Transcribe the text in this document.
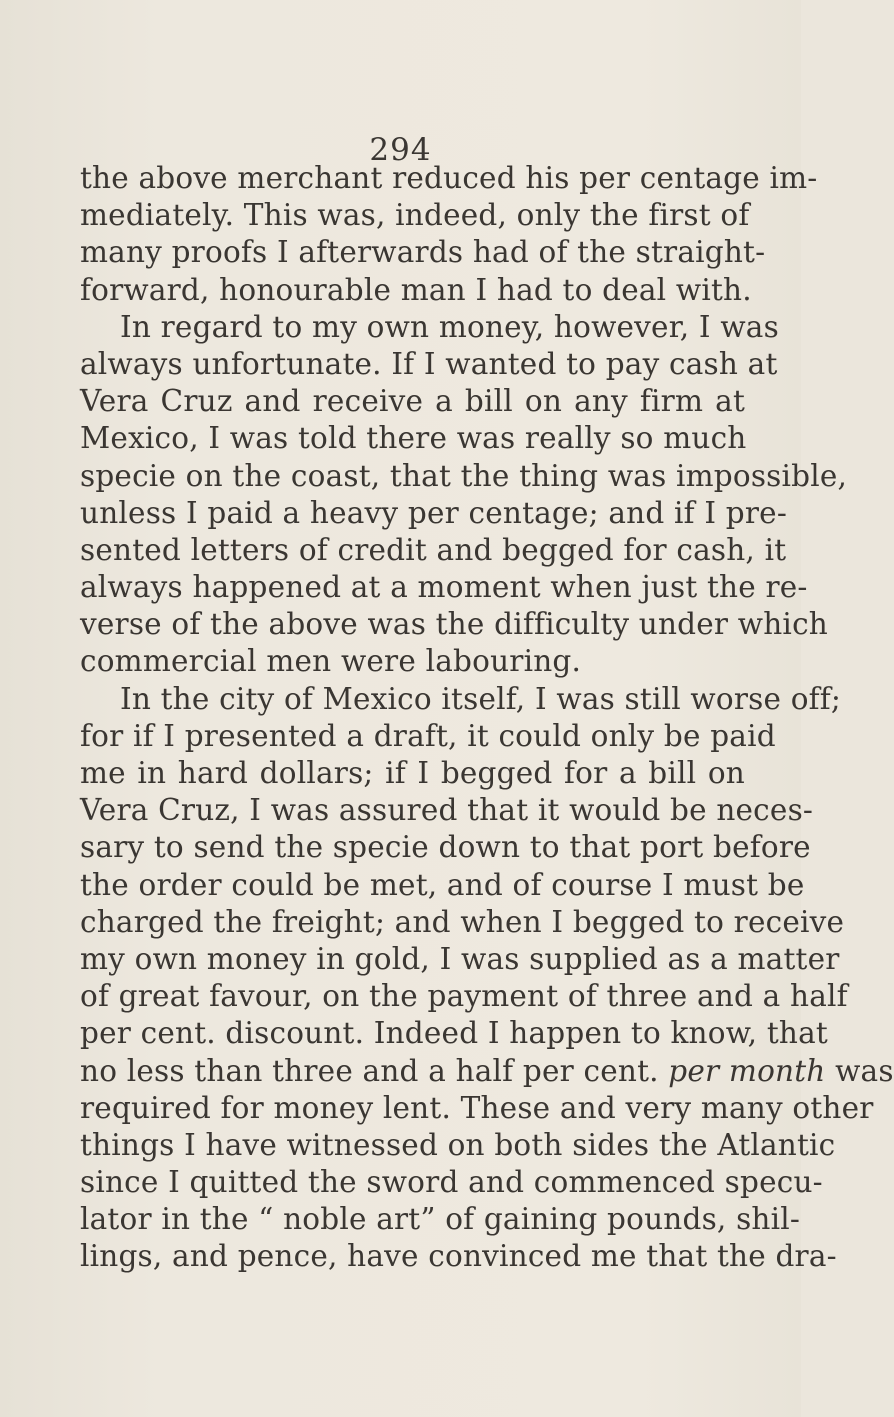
294
the above merchant reduced his per centage im-
mediately. This was, indeed, only the first of
many proofs I afterwards had of the straight-
forward, honourable man I had to deal with.
In regard to my own money, however, I was
always unfortunate. If I wanted to pay cash at
Vera Cruz and receive a bill on any firm at
Mexico, I was told there was really so much
specie on the coast, that the thing was impossible,
unless I paid a heavy per centage; and if I pre-
sented letters of credit and begged for cash, it
always happened at a moment when just the re-
verse of the above was the difficulty under which
commercial men were labouring.
In the city of Mexico itself, I was still worse off;
for if I presented a draft, it could only be paid
me in hard dollars; if I begged for a bill on
Vera Cruz, I was assured that it would be neces-
sary to send the specie down to that port before
the order could be met, and of course I must be
charged the freight; and when I begged to receive
my own money in gold, I was supplied as a matter
of great favour, on the payment of three and a half
per cent. discount. Indeed I happen to know, that
no less than three and a half per cent. per month was
required for money lent. These and very many other
things I have witnessed on both sides the Atlantic
since I quitted the sword and commenced specu-
lator in the “ noble art” of gaining pounds, shil-
lings, and pence, have convinced me that the dra-
